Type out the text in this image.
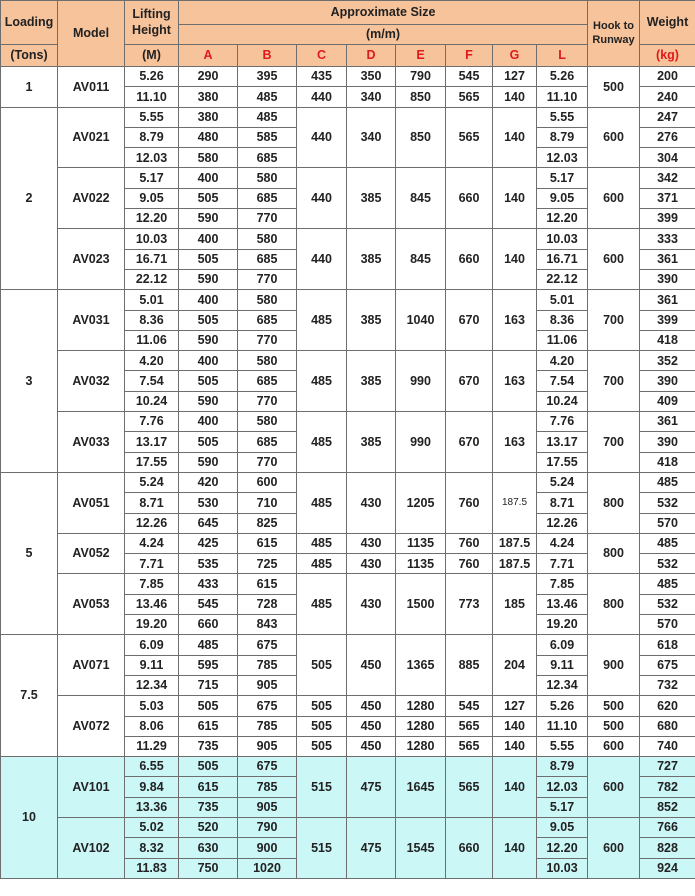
Loading	Model	Lifting Height	Approximate Size								Hook to Runway	Weight
			(m/m)									
(Tons)		(M)	A	B	C	D	E	F	G	L		(kg)
1	AV011	5.26	290	395	435	350	790	545	127	5.26	500	200
		11.10	380	485	440	340	850	565	140	11.10		240
2	AV021	5.55	380	485	440	340	850	565	140	5.55	600	247
		8.79	480	585						8.79		276
		12.03	580	685						12.03		304
	AV022	5.17	400	580	440	385	845	660	140	5.17	600	342
		9.05	505	685						9.05		371
		12.20	590	770						12.20		399
	AV023	10.03	400	580	440	385	845	660	140	10.03	600	333
		16.71	505	685						16.71		361
		22.12	590	770						22.12		390
3	AV031	5.01	400	580	485	385	1040	670	163	5.01	700	361
		8.36	505	685						8.36		399
		11.06	590	770						11.06		418
	AV032	4.20	400	580	485	385	990	670	163	4.20	700	352
		7.54	505	685						7.54		390
		10.24	590	770						10.24		409
	AV033	7.76	400	580	485	385	990	670	163	7.76	700	361
		13.17	505	685						13.17		390
		17.55	590	770						17.55		418
5	AV051	5.24	420	600	485	430	1205	760	187.5	5.24	800	485
		8.71	530	710						8.71		532
		12.26	645	825						12.26		570
	AV052	4.24	425	615	485	430	1135	760	187.5	4.24	800	485
		7.71	535	725	485	430	1135	760	187.5	7.71		532
	AV053	7.85	433	615	485	430	1500	773	185	7.85	800	485
		13.46	545	728						13.46		532
		19.20	660	843						19.20		570
7.5	AV071	6.09	485	675	505	450	1365	885	204	6.09	900	618
		9.11	595	785						9.11		675
		12.34	715	905						12.34		732
	AV072	5.03	505	675	505	450	1280	545	127	5.26	500	620
		8.06	615	785	505	450	1280	565	140	11.10	500	680
		11.29	735	905	505	450	1280	565	140	5.55	600	740
10	AV101	6.55	505	675	515	475	1645	565	140	8.79	600	727
		9.84	615	785						12.03		782
		13.36	735	905						5.17		852
	AV102	5.02	520	790	515	475	1545	660	140	9.05	600	766
		8.32	630	900						12.20		828
		11.83	750	1020						10.03		924
